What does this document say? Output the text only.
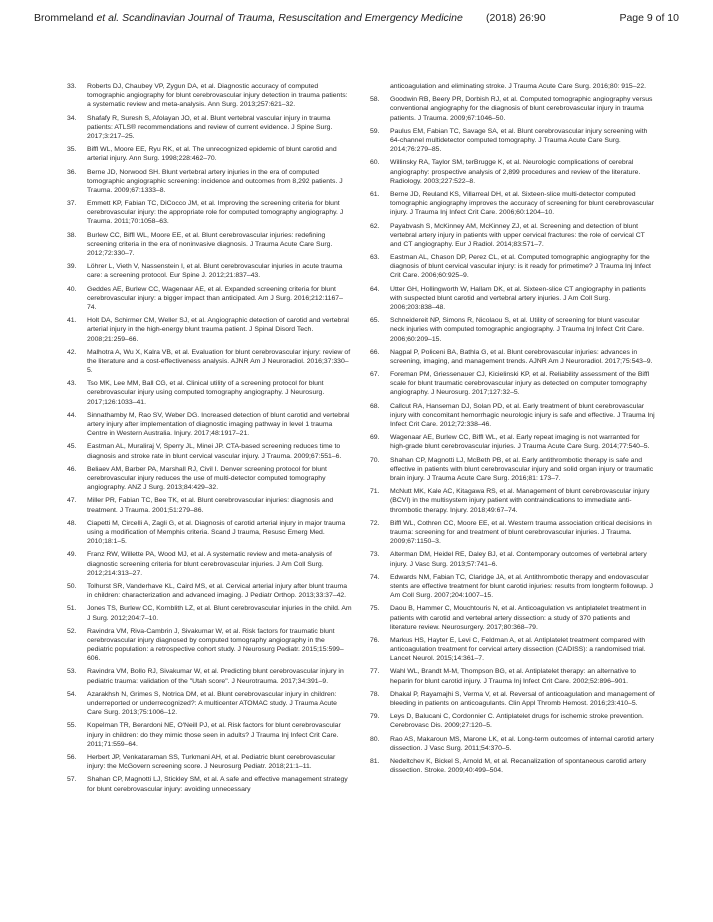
Brommeland et al. Scandinavian Journal of Trauma, Resuscitation and Emergency Medicine (2018) 26:90	Page 9 of 10
33.	Roberts DJ, Chaubey VP, Zygun DA, et al. Diagnostic accuracy of computed tomographic angiography for blunt cerebrovascular injury detection in trauma patients: a systematic review and meta-analysis. Ann Surg. 2013;257:621–32.
34.	Shafafy R, Suresh S, Afolayan JO, et al. Blunt vertebral vascular injury in trauma patients: ATLS® recommendations and review of current evidence. J Spine Surg. 2017;3:217–25.
35.	Biffl WL, Moore EE, Ryu RK, et al. The unrecognized epidemic of blunt carotid and arterial injury. Ann Surg. 1998;228:462–70.
36.	Berne JD, Norwood SH. Blunt vertebral artery injuries in the era of computed tomographic angiographic screening: incidence and outcomes from 8,292 patients. J Trauma. 2009;67:1333–8.
37.	Emmett KP, Fabian TC, DiCocco JM, et al. Improving the screening criteria for blunt cerebrovascular injury: the appropriate role for computed tomography angiography. J Trauma. 2011;70:1058–63.
38.	Burlew CC, Biffl WL, Moore EE, et al. Blunt cerebrovascular injuries: redefining screening criteria in the era of noninvasive diagnosis. J Trauma Acute Care Surg. 2012;72:330–7.
39.	Löhrer L, Vieth V, Nassenstein I, et al. Blunt cerebrovascular injuries in acute trauma care: a screening protocol. Eur Spine J. 2012;21:837–43.
40.	Geddes AE, Burlew CC, Wagenaar AE, et al. Expanded screening criteria for blunt cerebrovascular injury: a bigger impact than anticipated. Am J Surg. 2016;212:1167–74.
41.	Holt DA, Schirmer CM, Weller SJ, et al. Angiographic detection of carotid and vertebral arterial injury in the high-energy blunt trauma patient. J Spinal Disord Tech. 2008;21:259–66.
42.	Malhotra A, Wu X, Kalra VB, et al. Evaluation for blunt cerebrovascular injury: review of the literature and a cost-effectiveness analysis. AJNR Am J Neuroradiol. 2016;37:330–5.
43.	Tso MK, Lee MM, Ball CG, et al. Clinical utility of a screening protocol for blunt cerebrovascular injury using computed tomography angiography. J Neurosurg. 2017;126:1033–41.
44.	Sinnathamby M, Rao SV, Weber DG. Increased detection of blunt carotid and vertebral artery injury after implementation of diagnostic imaging pathway in level 1 trauma Centre in Western Australia. Injury. 2017;48:1917–21.
45.	Eastman AL, Muraliraj V, Sperry JL, Minei JP. CTA-based screening reduces time to diagnosis and stroke rate in blunt cervical vascular injury. J Trauma. 2009;67:551–6.
46.	Beliaev AM, Barber PA, Marshall RJ, Civil I. Denver screening protocol for blunt cerebrovascular injury reduces the use of multi-detector computed tomography angiography. ANZ J Surg. 2013;84:429–32.
47.	Miller PR, Fabian TC, Bee TK, et al. Blunt cerebrovascular injuries: diagnosis and treatment. J Trauma. 2001;51:279–86.
48.	Ciapetti M, Circelli A, Zagli G, et al. Diagnosis of carotid arterial injury in major trauma using a modification of Memphis criteria. Scand J trauma, Resusc Emerg Med. 2010;18:1–5.
49.	Franz RW, Willette PA, Wood MJ, et al. A systematic review and meta-analysis of diagnostic screening criteria for blunt cerebrovascular injuries. J Am Coll Surg. 2012;214:313–27.
50.	Tolhurst SR, Vanderhave KL, Caird MS, et al. Cervical arterial injury after blunt trauma in children: characterization and advanced imaging. J Pediatr Orthop. 2013;33:37–42.
51.	Jones TS, Burlew CC, Kornblith LZ, et al. Blunt cerebrovascular injuries in the child. Am J Surg. 2012;204:7–10.
52.	Ravindra VM, Riva-Cambrin J, Sivakumar W, et al. Risk factors for traumatic blunt cerebrovascular injury diagnosed by computed tomography angiography in the pediatric population: a retrospective cohort study. J Neurosurg Pediatr. 2015;15:599–606.
53.	Ravindra VM, Bollo RJ, Sivakumar W, et al. Predicting blunt cerebrovascular injury in pediatric trauma: validation of the "Utah score". J Neurotrauma. 2017;34:391–9.
54.	Azarakhsh N, Grimes S, Notrica DM, et al. Blunt cerebrovascular injury in children: underreported or underrecognized?: A multicenter ATOMAC study. J Trauma Acute Care Surg. 2013;75:1006–12.
55.	Kopelman TR, Berardoni NE, O'Neill PJ, et al. Risk factors for blunt cerebrovascular injury in children: do they mimic those seen in adults? J Trauma Inj Infect Crit Care. 2011;71:559–64.
56.	Herbert JP, Venkataraman SS, Turkmani AH, et al. Pediatric blunt cerebrovascular injury: the McGovern screening score. J Neurosurg Pediatr. 2018;21:1–11.
57.	Shahan CP, Magnotti LJ, Stickley SM, et al. A safe and effective management strategy for blunt cerebrovascular injury: avoiding unnecessary
anticoagulation and eliminating stroke. J Trauma Acute Care Surg. 2016;80: 915–22.
58.	Goodwin RB, Beery PR, Dorbish RJ, et al. Computed tomographic angiography versus conventional angiography for the diagnosis of blunt cerebrovascular injury in trauma patients. J Trauma. 2009;67:1046–50.
59.	Paulus EM, Fabian TC, Savage SA, et al. Blunt cerebrovascular injury screening with 64-channel multidetector computed tomography. J Trauma Acute Care Surg. 2014;76:279–85.
60.	Willinsky RA, Taylor SM, terBrugge K, et al. Neurologic complications of cerebral angiography: prospective analysis of 2,899 procedures and review of the literature. Radiology. 2003;227:522–8.
61.	Berne JD, Reuland KS, Villarreal DH, et al. Sixteen-slice multi-detector computed tomographic angiography improves the accuracy of screening for blunt cerebrovascular injury. J Trauma Inj Infect Crit Care. 2006;60:1204–10.
62.	Payabvash S, McKinney AM, McKinney ZJ, et al. Screening and detection of blunt vertebral artery injury in patients with upper cervical fractures: the role of cervical CT and CT angiography. Eur J Radiol. 2014;83:571–7.
63.	Eastman AL, Chason DP, Perez CL, et al. Computed tomographic angiography for the diagnosis of blunt cervical vascular injury: is it ready for primetime? J Trauma Inj Infect Crit Care. 2006;60:925–9.
64.	Utter GH, Hollingworth W, Hallam DK, et al. Sixteen-slice CT angiography in patients with suspected blunt carotid and vertebral artery injuries. J Am Coll Surg. 2006;203:838–48.
65.	Schneidereit NP, Simons R, Nicolaou S, et al. Utility of screening for blunt vascular neck injuries with computed tomographic angiography. J Trauma Inj Infect Crit Care. 2006;60:209–15.
66.	Nagpal P, Policeni BA, Bathla G, et al. Blunt cerebrovascular injuries: advances in screening, imaging, and management trends. AJNR Am J Neuroradiol. 2017;75:543–9.
67.	Foreman PM, Griessenauer CJ, Kicielinski KP, et al. Reliability assessment of the Biffl scale for blunt traumatic cerebrovascular injury as detected on computer tomography angiography. J Neurosurg. 2017;127:32–5.
68.	Callcut RA, Hanseman DJ, Solan PD, et al. Early treatment of blunt cerebrovascular injury with concomitant hemorrhagic neurologic injury is safe and effective. J Trauma Inj Infect Crit Care. 2012;72:338–46.
69.	Wagenaar AE, Burlew CC, Biffl WL, et al. Early repeat imaging is not warranted for high-grade blunt cerebrovascular injuries. J Trauma Acute Care Surg. 2014;77:540–5.
70.	Shahan CP, Magnotti LJ, McBeth PB, et al. Early antithrombotic therapy is safe and effective in patients with blunt cerebrovascular injury and solid organ injury or traumatic brain injury. J Trauma Acute Care Surg. 2016;81: 173–7.
71.	McNutt MK, Kale AC, Kitagawa RS, et al. Management of blunt cerebrovascular injury (BCVI) in the multisystem injury patient with contraindications to immediate anti-thrombotic therapy. Injury. 2018;49:67–74.
72.	Biffl WL, Cothren CC, Moore EE, et al. Western trauma association critical decisions in trauma: screening for and treatment of blunt cerebrovascular injuries. J Trauma. 2009;67:1150–3.
73.	Alterman DM, Heidel RE, Daley BJ, et al. Contemporary outcomes of vertebral artery injury. J Vasc Surg. 2013;57:741–6.
74.	Edwards NM, Fabian TC, Claridge JA, et al. Antithrombotic therapy and endovascular stents are effective treatment for blunt carotid injuries: results from longterm followup. J Am Coll Surg. 2007;204:1007–15.
75.	Daou B, Hammer C, Mouchtouris N, et al. Anticoagulation vs antiplatelet treatment in patients with carotid and vertebral artery dissection: a study of 370 patients and literature review. Neurosurgery. 2017;80:368–79.
76.	Markus HS, Hayter E, Levi C, Feldman A, et al. Antiplatelet treatment compared with anticoagulation treatment for cervical artery dissection (CADISS): a randomised trial. Lancet Neurol. 2015;14:361–7.
77.	Wahl WL, Brandt M-M, Thompson BG, et al. Antiplatelet therapy: an alternative to heparin for blunt carotid injury. J Trauma Inj Infect Crit Care. 2002;52:896–901.
78.	Dhakal P, Rayamajhi S, Verma V, et al. Reversal of anticoagulation and management of bleeding in patients on anticoagulants. Clin Appl Thromb Hemost. 2016;23:410–5.
79.	Leys D, Balucani C, Cordonnier C. Antiplatelet drugs for ischemic stroke prevention. Cerebrovasc Dis. 2009;27:120–5.
80.	Rao AS, Makaroun MS, Marone LK, et al. Long-term outcomes of internal carotid artery dissection. J Vasc Surg. 2011;54:370–5.
81.	Nedeltchev K, Bickel S, Arnold M, et al. Recanalization of spontaneous carotid artery dissection. Stroke. 2009;40:499–504.
